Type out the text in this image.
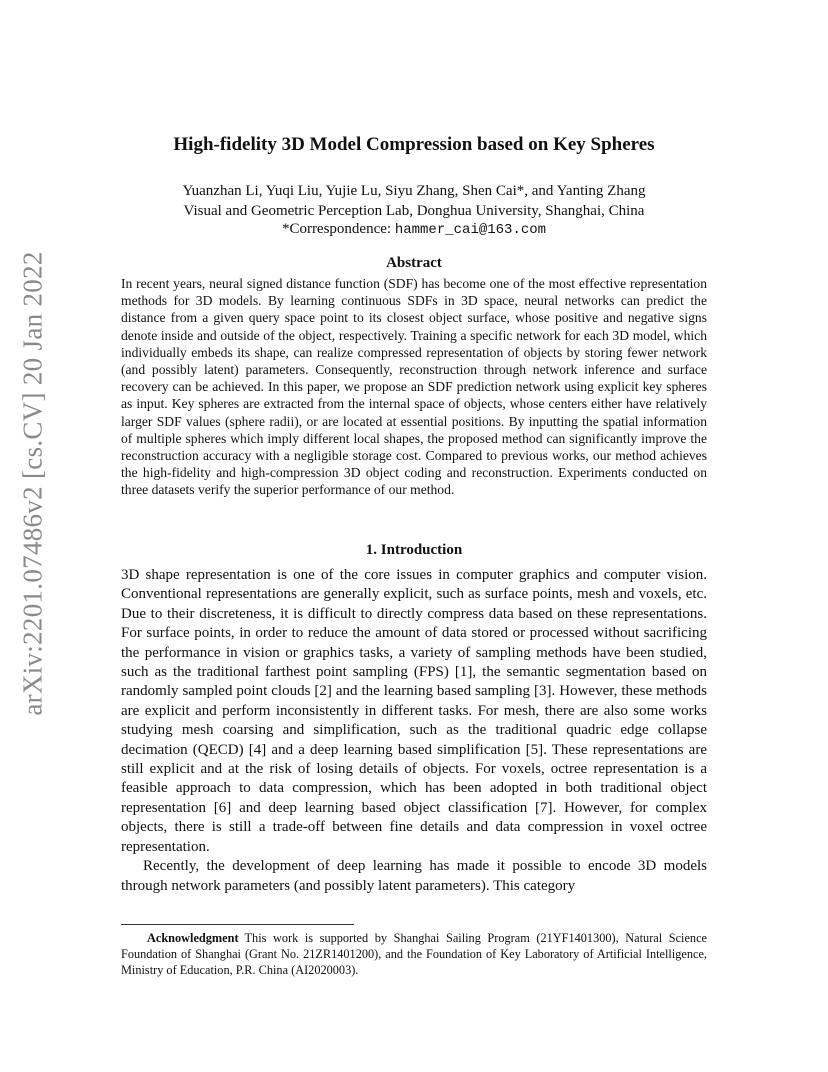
arXiv:2201.07486v2 [cs.CV] 20 Jan 2022
High-fidelity 3D Model Compression based on Key Spheres
Yuanzhan Li, Yuqi Liu, Yujie Lu, Siyu Zhang, Shen Cai*, and Yanting Zhang
Visual and Geometric Perception Lab, Donghua University, Shanghai, China
*Correspondence: hammer_cai@163.com
Abstract

In recent years, neural signed distance function (SDF) has become one of the most effective representation methods for 3D models. By learning continuous SDFs in 3D space, neural networks can predict the distance from a given query space point to its closest object surface, whose positive and negative signs denote inside and outside of the object, respectively. Training a specific network for each 3D model, which individually embeds its shape, can realize compressed representation of objects by storing fewer network (and possibly latent) parameters. Consequently, reconstruction through network inference and surface recovery can be achieved. In this paper, we propose an SDF prediction network using explicit key spheres as input. Key spheres are extracted from the internal space of objects, whose centers either have relatively larger SDF values (sphere radii), or are located at essential positions. By inputting the spatial information of multiple spheres which imply different local shapes, the proposed method can significantly improve the reconstruction accuracy with a negligible storage cost. Compared to previous works, our method achieves the high-fidelity and high-compression 3D object coding and reconstruction. Experiments conducted on three datasets verify the superior performance of our method.

1. Introduction

3D shape representation is one of the core issues in computer graphics and computer vision. Conventional representations are generally explicit, such as surface points, mesh and voxels, etc. Due to their discreteness, it is difficult to directly compress data based on these representations. For surface points, in order to reduce the amount of data stored or processed without sacrificing the performance in vision or graphics tasks, a variety of sampling methods have been studied, such as the traditional farthest point sampling (FPS) [1], the semantic segmentation based on randomly sampled point clouds [2] and the learning based sampling [3]. However, these methods are explicit and perform inconsistently in different tasks. For mesh, there are also some works studying mesh coarsing and simplification, such as the traditional quadric edge collapse decimation (QECD) [4] and a deep learning based simplification [5]. These representations are still explicit and at the risk of losing details of objects. For voxels, octree representation is a feasible approach to data compression, which has been adopted in both traditional object representation [6] and deep learning based object classification [7]. However, for complex objects, there is still a trade-off between fine details and data compression in voxel octree representation.

Recently, the development of deep learning has made it possible to encode 3D models through network parameters (and possibly latent parameters). This category

Acknowledgment This work is supported by Shanghai Sailing Program (21YF1401300), Natural Science Foundation of Shanghai (Grant No. 21ZR1401200), and the Foundation of Key Laboratory of Artificial Intelligence, Ministry of Education, P.R. China (AI2020003).
